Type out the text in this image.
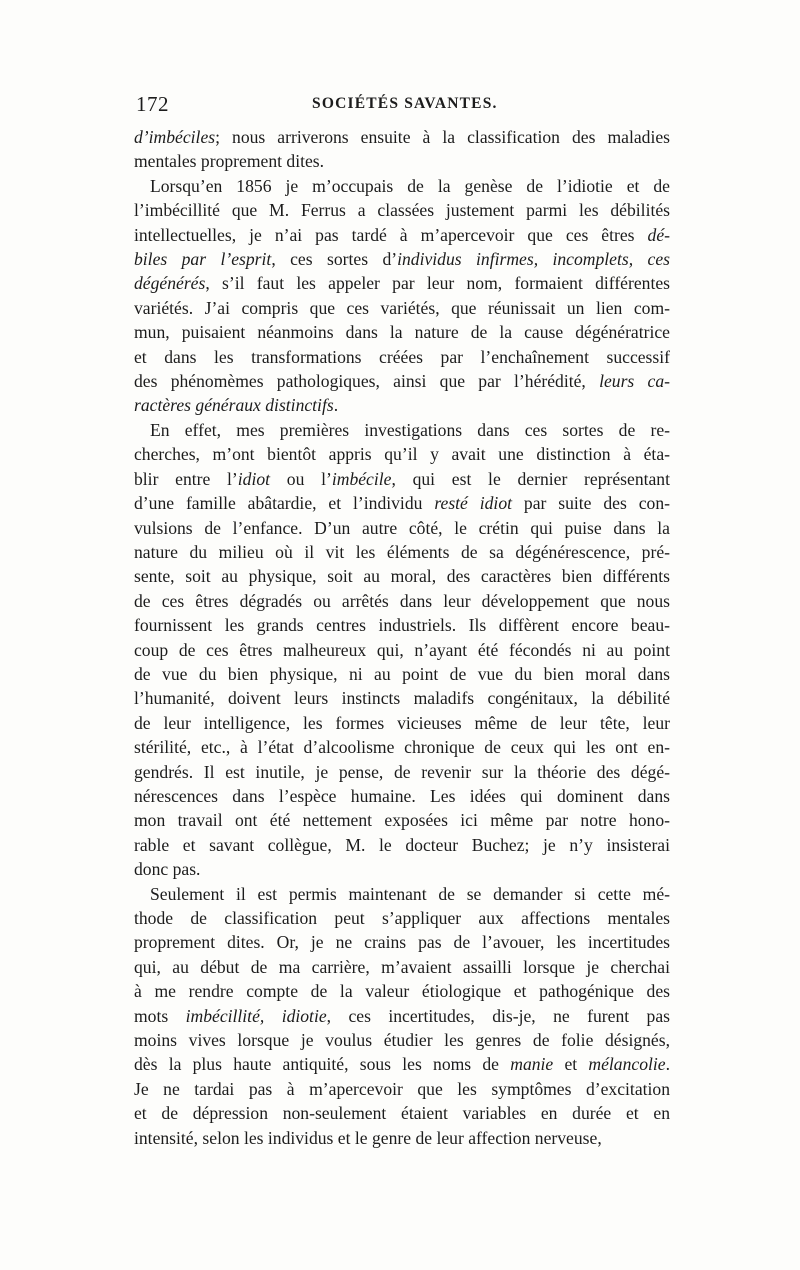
172	SOCIÉTÉS SAVANTES.

d’imbéciles; nous arriverons ensuite à la classification des maladies
mentales proprement dites.

Lorsqu’en 1856 je m’occupais de la genèse de l’idiotie et de
l’imbécillité que M. Ferrus a classées justement parmi les débilités
intellectuelles, je n’ai pas tardé à m’apercevoir que ces êtres dé-
biles par l’esprit, ces sortes d’individus infirmes, incomplets, ces
dégénérés, s’il faut les appeler par leur nom, formaient différentes
variétés. J’ai compris que ces variétés, que réunissait un lien com-
mun, puisaient néanmoins dans la nature de la cause dégénératrice
et dans les transformations créées par l’enchaînement successif
des phénomèmes pathologiques, ainsi que par l’hérédité, leurs ca-
ractères généraux distinctifs.

En effet, mes premières investigations dans ces sortes de re-
cherches, m’ont bientôt appris qu’il y avait une distinction à éta-
blir entre l’idiot ou l’imbécile, qui est le dernier représentant
d’une famille abâtardie, et l’individu resté idiot par suite des con-
vulsions de l’enfance. D’un autre côté, le crétin qui puise dans la
nature du milieu où il vit les éléments de sa dégénérescence, pré-
sente, soit au physique, soit au moral, des caractères bien différents
de ces êtres dégradés ou arrêtés dans leur développement que nous
fournissent les grands centres industriels. Ils diffèrent encore beau-
coup de ces êtres malheureux qui, n’ayant été fécondés ni au point
de vue du bien physique, ni au point de vue du bien moral dans
l’humanité, doivent leurs instincts maladifs congénitaux, la débilité
de leur intelligence, les formes vicieuses même de leur tête, leur
stérilité, etc., à l’état d’alcoolisme chronique de ceux qui les ont en-
gendrés. Il est inutile, je pense, de revenir sur la théorie des dégé-
nérescences dans l’espèce humaine. Les idées qui dominent dans
mon travail ont été nettement exposées ici même par notre hono-
rable et savant collègue, M. le docteur Buchez; je n’y insisterai
donc pas.

Seulement il est permis maintenant de se demander si cette mé-
thode de classification peut s’appliquer aux affections mentales
proprement dites. Or, je ne crains pas de l’avouer, les incertitudes
qui, au début de ma carrière, m’avaient assailli lorsque je cherchai
à me rendre compte de la valeur étiologique et pathogénique des
mots imbécillité, idiotie, ces incertitudes, dis-je, ne furent pas
moins vives lorsque je voulus étudier les genres de folie désignés,
dès la plus haute antiquité, sous les noms de manie et mélancolie.
Je ne tardai pas à m’apercevoir que les symptômes d’excitation
et de dépression non-seulement étaient variables en durée et en
intensité, selon les individus et le genre de leur affection nerveuse,
